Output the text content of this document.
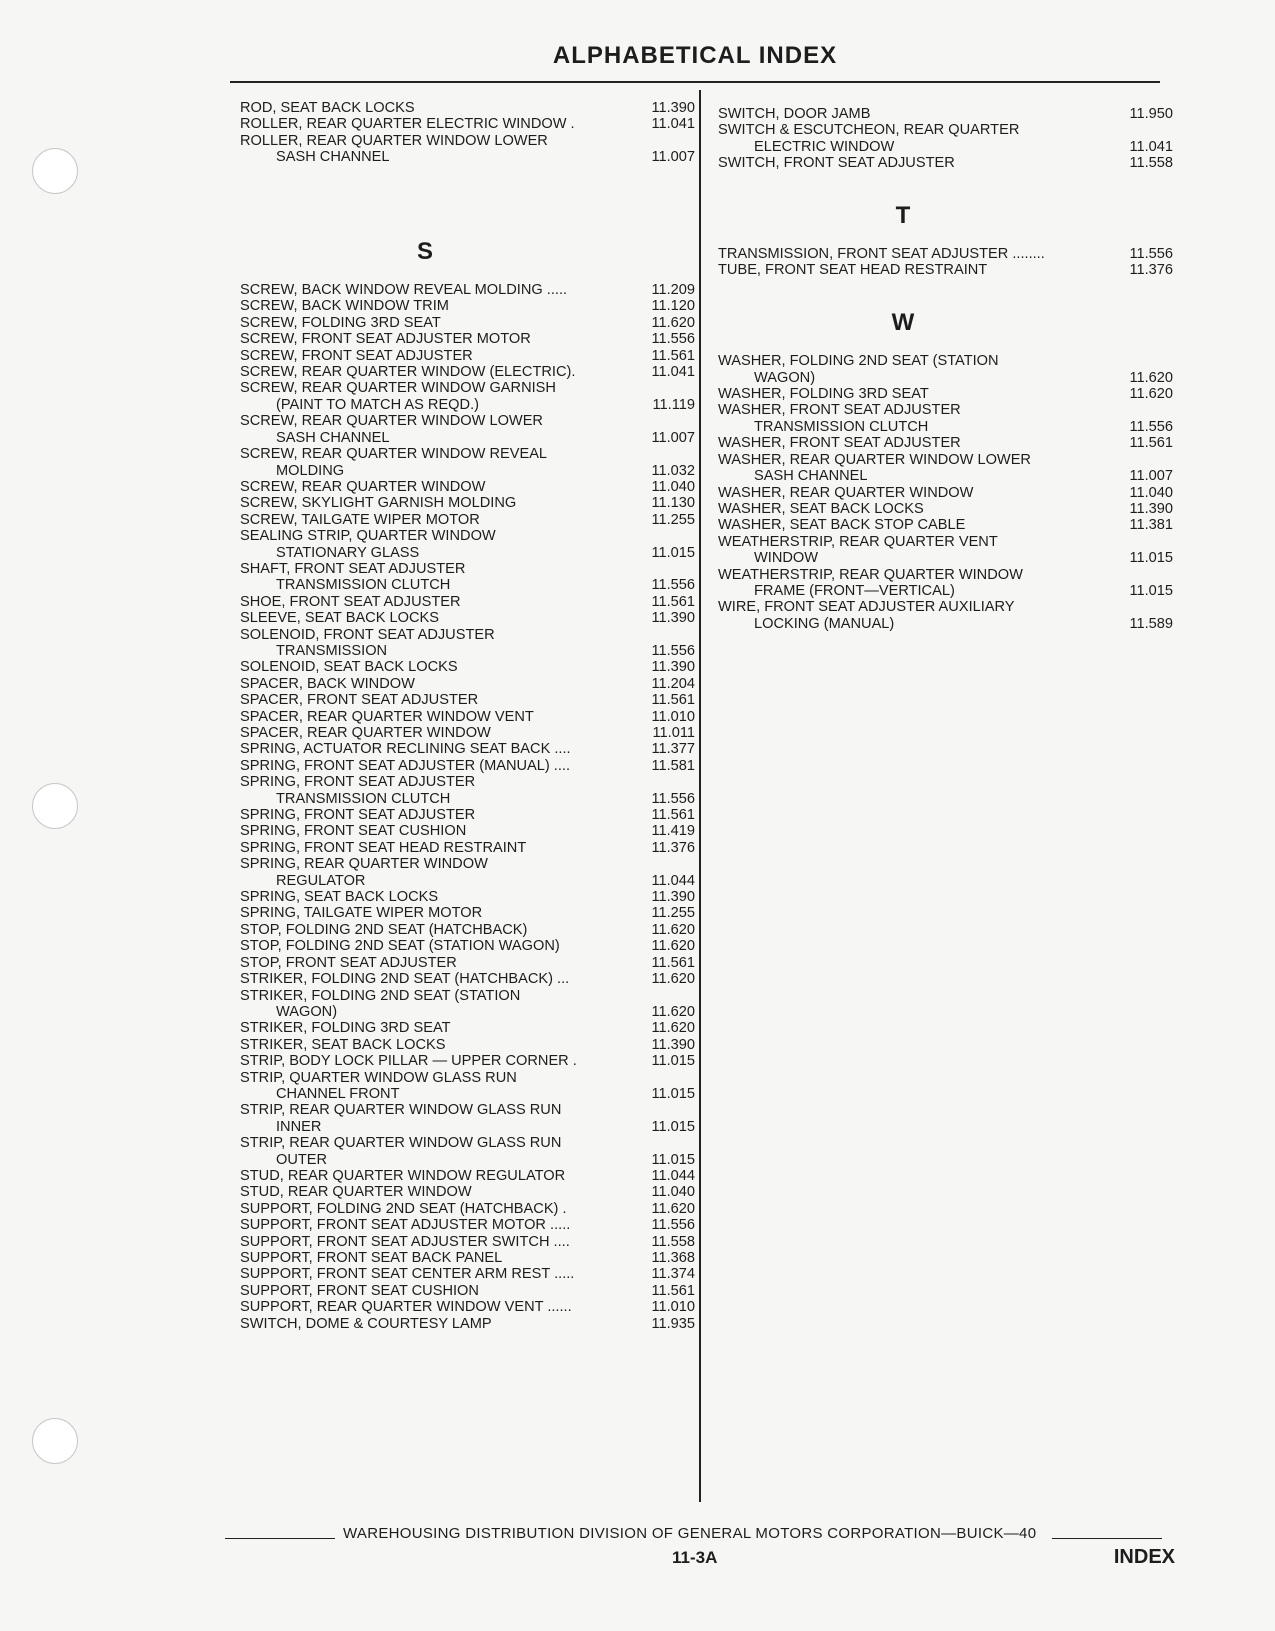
ALPHABETICAL INDEX
ROD, SEAT BACK LOCKS	11.390
ROLLER, REAR QUARTER ELECTRIC WINDOW .	11.041
ROLLER, REAR QUARTER WINDOW LOWER
SASH CHANNEL	11.007
S
SCREW, BACK WINDOW REVEAL MOLDING .....	11.209
SCREW, BACK WINDOW TRIM	11.120
SCREW, FOLDING 3RD SEAT	11.620
SCREW, FRONT SEAT ADJUSTER MOTOR	11.556
SCREW, FRONT SEAT ADJUSTER	11.561
SCREW, REAR QUARTER WINDOW (ELECTRIC).	11.041
SCREW, REAR QUARTER WINDOW GARNISH
(PAINT TO MATCH AS REQD.)	11.119
SCREW, REAR QUARTER WINDOW LOWER
SASH CHANNEL	11.007
SCREW, REAR QUARTER WINDOW REVEAL
MOLDING	11.032
SCREW, REAR QUARTER WINDOW	11.040
SCREW, SKYLIGHT GARNISH MOLDING	11.130
SCREW, TAILGATE WIPER MOTOR	11.255
SEALING STRIP, QUARTER WINDOW
STATIONARY GLASS	11.015
SHAFT, FRONT SEAT ADJUSTER
TRANSMISSION CLUTCH	11.556
SHOE, FRONT SEAT ADJUSTER	11.561
SLEEVE, SEAT BACK LOCKS	11.390
SOLENOID, FRONT SEAT ADJUSTER
TRANSMISSION	11.556
SOLENOID, SEAT BACK LOCKS	11.390
SPACER, BACK WINDOW	11.204
SPACER, FRONT SEAT ADJUSTER	11.561
SPACER, REAR QUARTER WINDOW VENT	11.010
SPACER, REAR QUARTER WINDOW	11.011
SPRING, ACTUATOR RECLINING SEAT BACK ....	11.377
SPRING, FRONT SEAT ADJUSTER (MANUAL) ....	11.581
SPRING, FRONT SEAT ADJUSTER
TRANSMISSION CLUTCH	11.556
SPRING, FRONT SEAT ADJUSTER	11.561
SPRING, FRONT SEAT CUSHION	11.419
SPRING, FRONT SEAT HEAD RESTRAINT	11.376
SPRING, REAR QUARTER WINDOW
REGULATOR	11.044
SPRING, SEAT BACK LOCKS	11.390
SPRING, TAILGATE WIPER MOTOR	11.255
STOP, FOLDING 2ND SEAT (HATCHBACK)	11.620
STOP, FOLDING 2ND SEAT (STATION WAGON)	11.620
STOP, FRONT SEAT ADJUSTER	11.561
STRIKER, FOLDING 2ND SEAT (HATCHBACK) ...	11.620
STRIKER, FOLDING 2ND SEAT (STATION
WAGON)	11.620
STRIKER, FOLDING 3RD SEAT	11.620
STRIKER, SEAT BACK LOCKS	11.390
STRIP, BODY LOCK PILLAR — UPPER CORNER .	11.015
STRIP, QUARTER WINDOW GLASS RUN
CHANNEL FRONT	11.015
STRIP, REAR QUARTER WINDOW GLASS RUN
INNER	11.015
STRIP, REAR QUARTER WINDOW GLASS RUN
OUTER	11.015
STUD, REAR QUARTER WINDOW REGULATOR	11.044
STUD, REAR QUARTER WINDOW	11.040
SUPPORT, FOLDING 2ND SEAT (HATCHBACK) .	11.620
SUPPORT, FRONT SEAT ADJUSTER MOTOR .....	11.556
SUPPORT, FRONT SEAT ADJUSTER SWITCH ....	11.558
SUPPORT, FRONT SEAT BACK PANEL	11.368
SUPPORT, FRONT SEAT CENTER ARM REST .....	11.374
SUPPORT, FRONT SEAT CUSHION	11.561
SUPPORT, REAR QUARTER WINDOW VENT ......	11.010
SWITCH, DOME & COURTESY LAMP	11.935
SWITCH, DOOR JAMB	11.950
SWITCH & ESCUTCHEON, REAR QUARTER
ELECTRIC WINDOW	11.041
SWITCH, FRONT SEAT ADJUSTER	11.558
T
TRANSMISSION, FRONT SEAT ADJUSTER ........	11.556
TUBE, FRONT SEAT HEAD RESTRAINT	11.376
W
WASHER, FOLDING 2ND SEAT (STATION
WAGON)	11.620
WASHER, FOLDING 3RD SEAT	11.620
WASHER, FRONT SEAT ADJUSTER
TRANSMISSION CLUTCH	11.556
WASHER, FRONT SEAT ADJUSTER	11.561
WASHER, REAR QUARTER WINDOW LOWER
SASH CHANNEL	11.007
WASHER, REAR QUARTER WINDOW	11.040
WASHER, SEAT BACK LOCKS	11.390
WASHER, SEAT BACK STOP CABLE	11.381
WEATHERSTRIP, REAR QUARTER VENT
WINDOW	11.015
WEATHERSTRIP, REAR QUARTER WINDOW
FRAME (FRONT—VERTICAL)	11.015
WIRE, FRONT SEAT ADJUSTER AUXILIARY
LOCKING (MANUAL)	11.589
WAREHOUSING DISTRIBUTION DIVISION OF GENERAL MOTORS CORPORATION—BUICK—40
11-3A	INDEX
